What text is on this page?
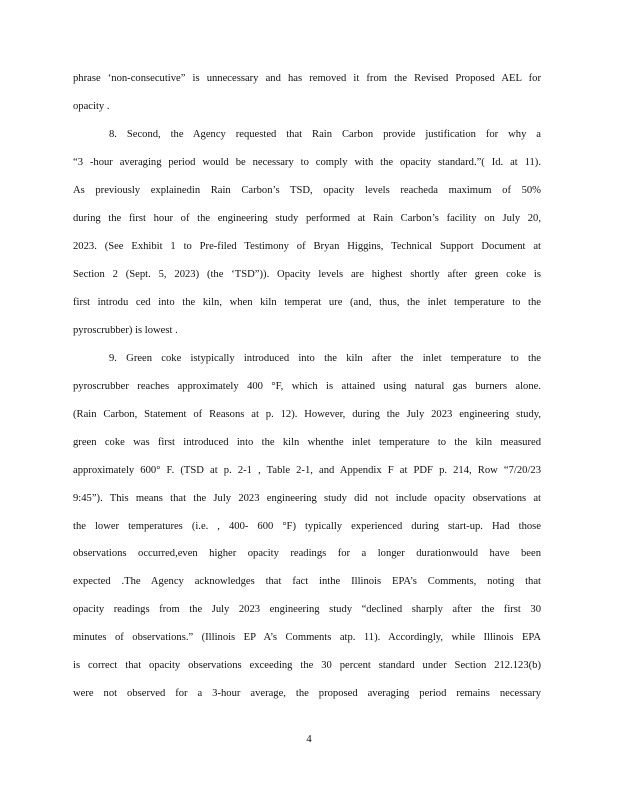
phrase ‘non-consecutive” is unnecessary and has removed it from the Revised Proposed AEL for
opacity .
8. Second, the Agency requested that Rain Carbon provide justification for why a
“3 -hour averaging period would be necessary to comply with the opacity standard.”( Id. at 11).
As previously explainedin Rain Carbon’s TSD, opacity levels reacheda maximum of 50%
during the first hour of the engineering study performed at Rain Carbon’s facility on July 20,
2023. (See Exhibit 1 to Pre-filed Testimony of Bryan Higgins, Technical Support Document at
Section 2 (Sept. 5, 2023) (the ‘TSD”)). Opacity levels are highest shortly after green coke is
first introdu ced into the kiln, when kiln temperat ure (and, thus, the inlet temperature to the
pyroscrubber) is lowest .
9. Green coke istypically introduced into the kiln after the inlet temperature to the
pyroscrubber reaches approximately 400 °F, which is attained using natural gas burners alone.
(Rain Carbon, Statement of Reasons at p. 12). However, during the July 2023 engineering study,
green coke was first introduced into the kiln whenthe inlet temperature to the kiln measured
approximately 600° F. (TSD at p. 2-1 , Table 2-1, and Appendix F at PDF p. 214, Row “7/20/23
9:45”). This means that the July 2023 engineering study did not include opacity observations at
the lower temperatures (i.e. , 400- 600 °F) typically experienced during start-up. Had those
observations occurred,even higher opacity readings for a longer durationwould have been
expected .The Agency acknowledges that fact inthe Illinois EPA’s Comments, noting that
opacity readings from the July 2023 engineering study “declined sharply after the first 30
minutes of observations.” (Illinois EP A’s Comments atp. 11). Accordingly, while Illinois EPA
is correct that opacity observations exceeding the 30 percent standard under Section 212.123(b)
were not observed for a 3-hour average, the proposed averaging period remains necessary
4
